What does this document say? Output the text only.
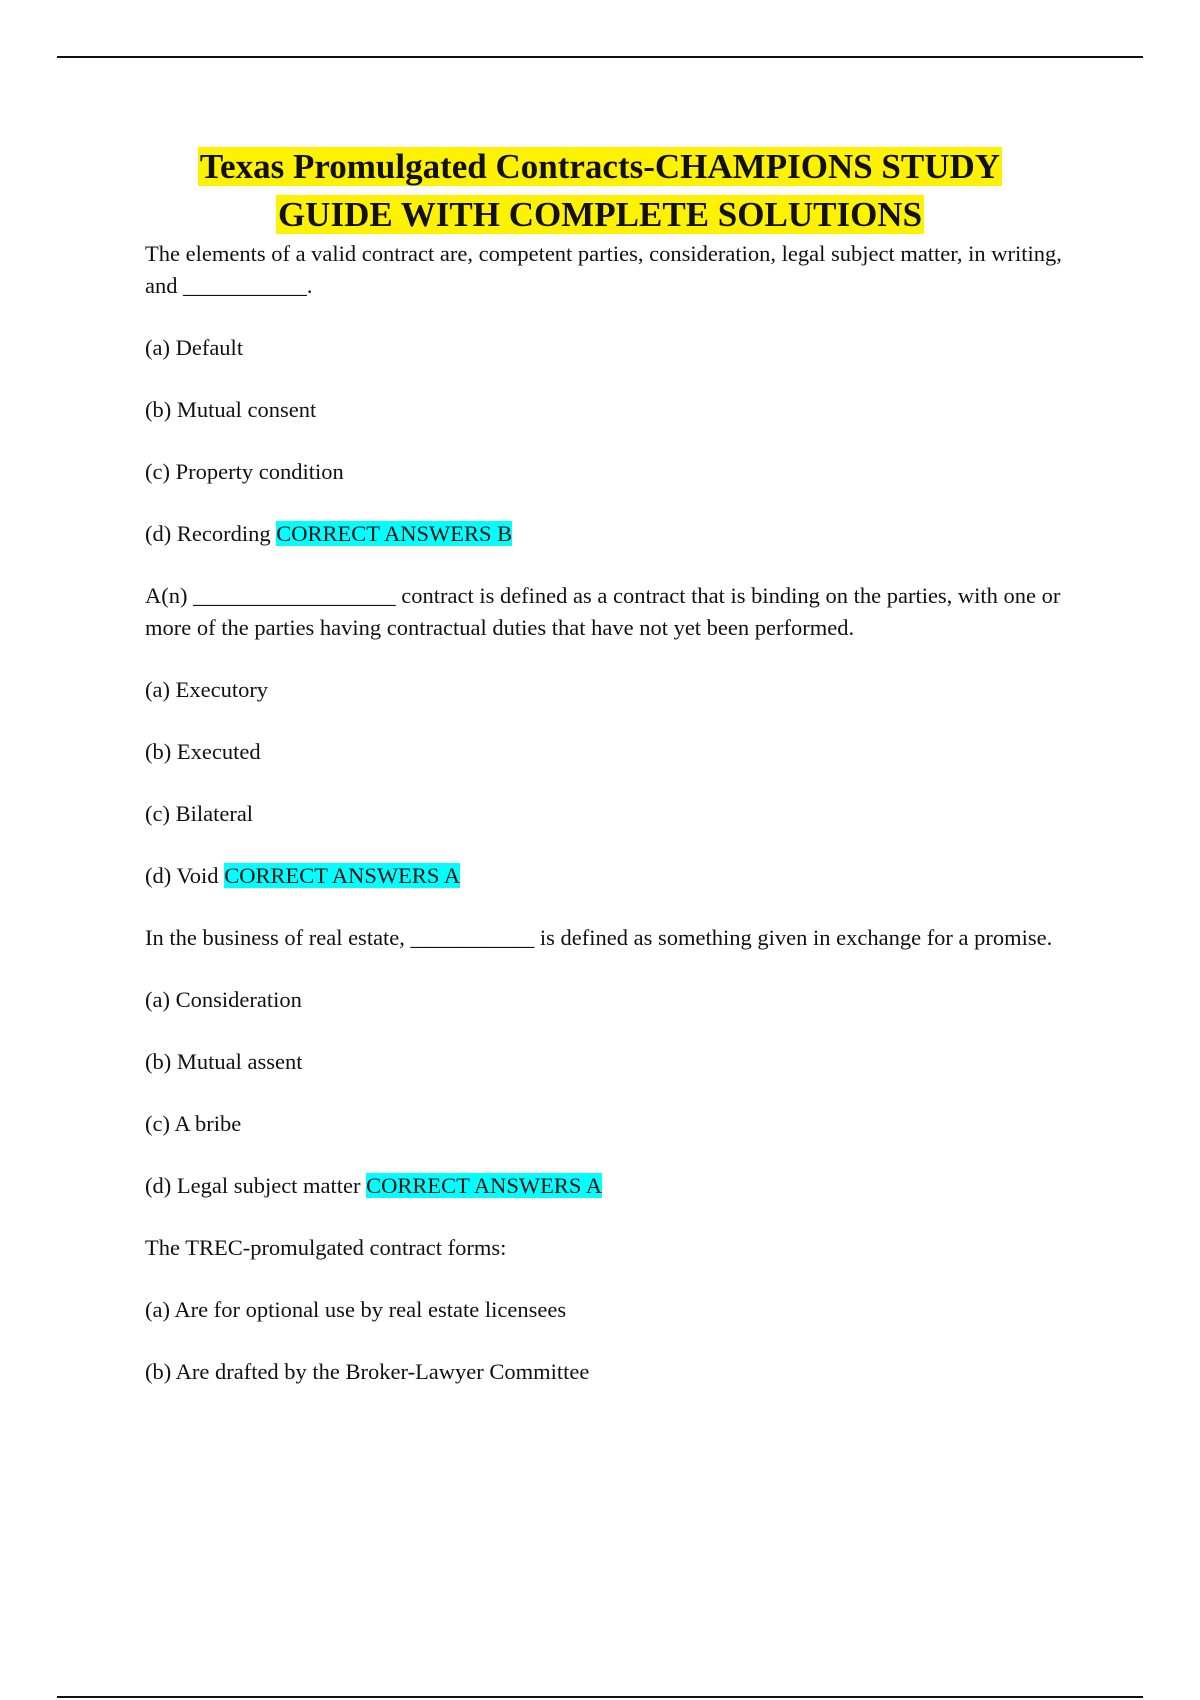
Texas Promulgated Contracts-CHAMPIONS STUDY
GUIDE WITH COMPLETE SOLUTIONS

The elements of a valid contract are, competent parties, consideration, legal subject matter, in writing, and ___________.

(a) Default

(b) Mutual consent

(c) Property condition

(d) Recording CORRECT ANSWERS B

A(n) __________________ contract is defined as a contract that is binding on the parties, with one or more of the parties having contractual duties that have not yet been performed.

(a) Executory

(b) Executed

(c) Bilateral

(d) Void CORRECT ANSWERS A

In the business of real estate, ___________ is defined as something given in exchange for a promise.

(a) Consideration

(b) Mutual assent

(c) A bribe

(d) Legal subject matter CORRECT ANSWERS A

The TREC-promulgated contract forms:

(a) Are for optional use by real estate licensees

(b) Are drafted by the Broker-Lawyer Committee
